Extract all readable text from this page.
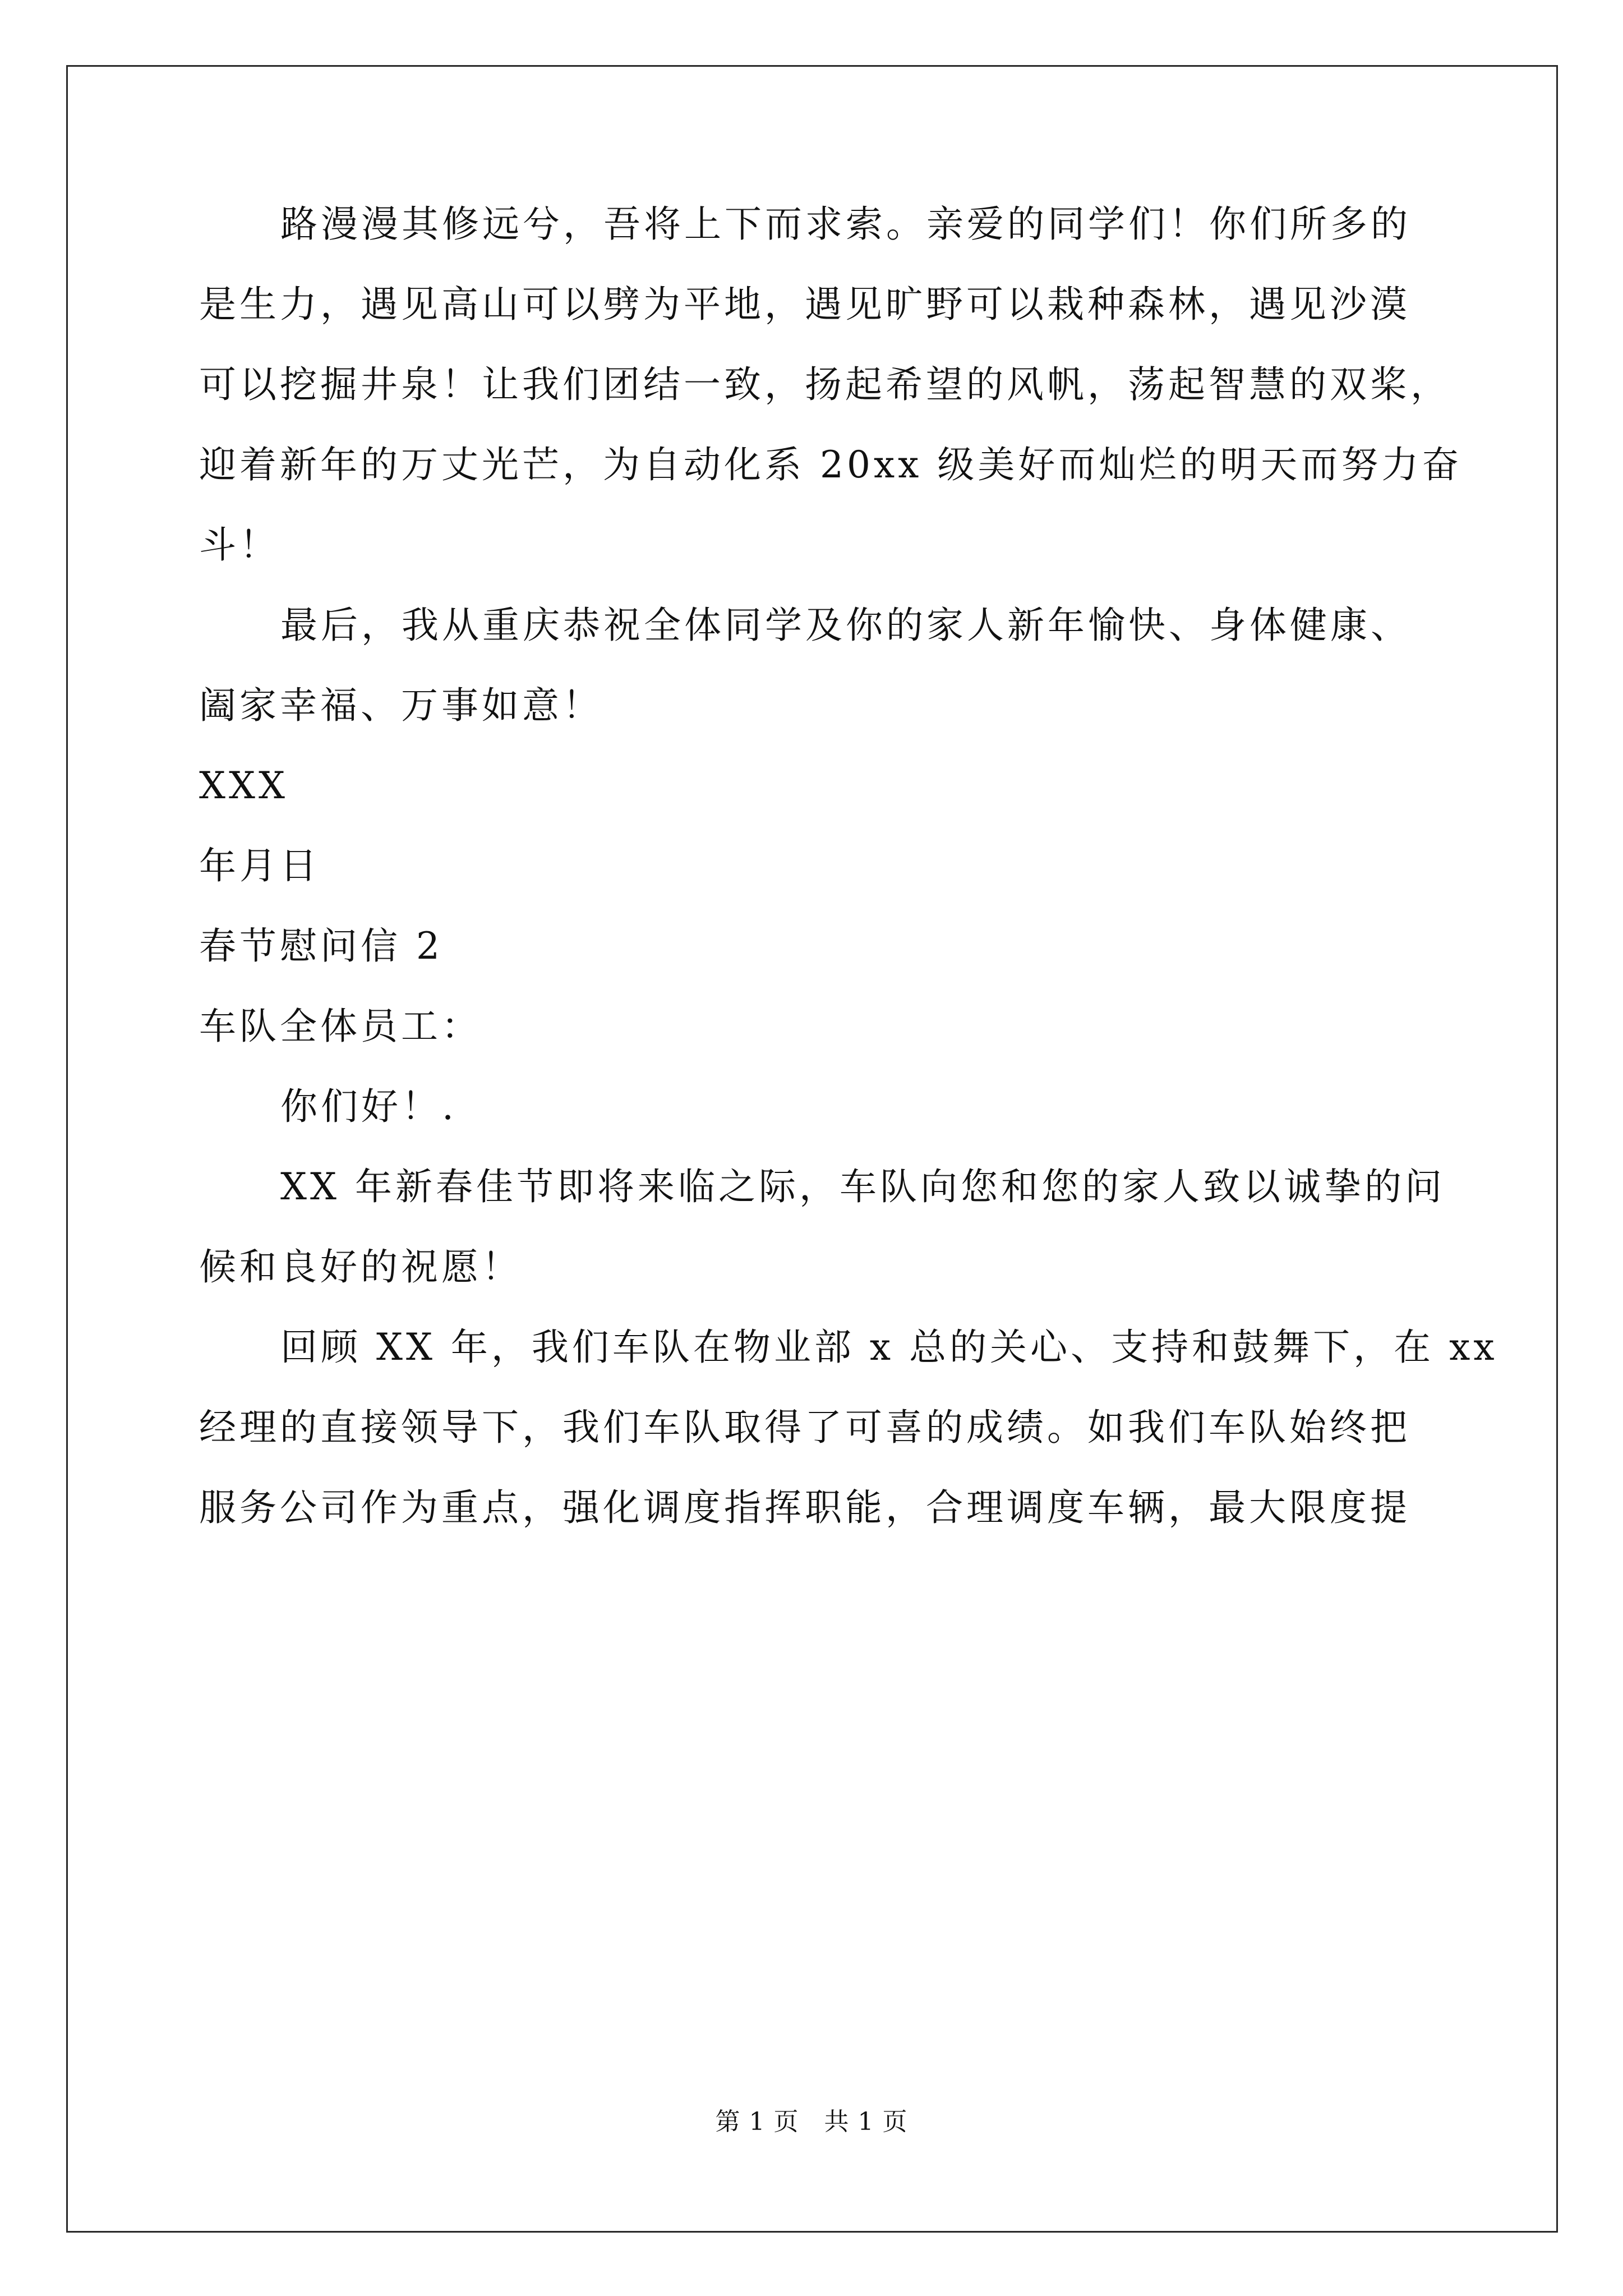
路漫漫其修远兮，吾将上下而求索。亲爱的同学们！你们所多的
是生力，遇见高山可以劈为平地，遇见旷野可以栽种森林，遇见沙漠
可以挖掘井泉！让我们团结一致，扬起希望的风帆，荡起智慧的双桨，
迎着新年的万丈光芒，为自动化系 20xx 级美好而灿烂的明天而努力奋
斗！
最后，我从重庆恭祝全体同学及你的家人新年愉快、身体健康、
阖家幸福、万事如意！
XXX
年月日
春节慰问信 2
车队全体员工：
你们好！.
XX 年新春佳节即将来临之际，车队向您和您的家人致以诚挚的问
候和良好的祝愿！
回顾 XX 年，我们车队在物业部 x 总的关心、支持和鼓舞下，在 xx
经理的直接领导下，我们车队取得了可喜的成绩。如我们车队始终把
服务公司作为重点，强化调度指挥职能，合理调度车辆，最大限度提
第 1 页　共 1 页
